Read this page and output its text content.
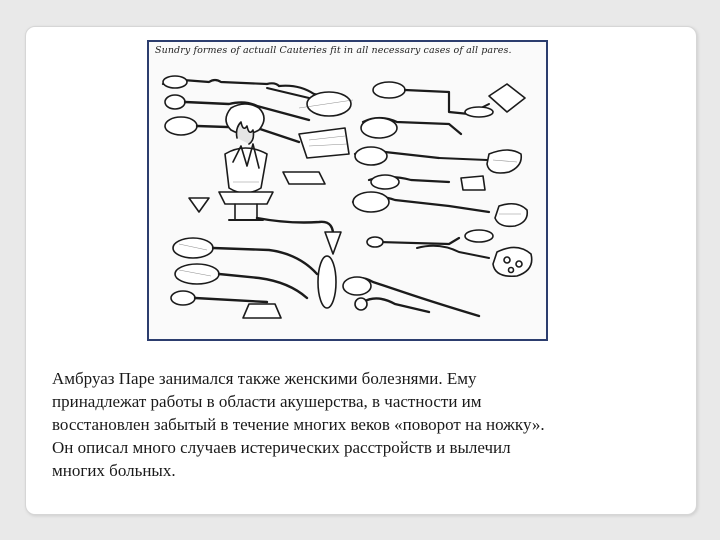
Sundry formes of actuall Cauteries fit in all necessary cases of all pares.
Амбруаз Паре занимался также женскими болезнями. Ему
принадлежат работы в области акушерства, в частности им
восстановлен забытый в течение многих веков «поворот на ножку».
Он описал много случаев истерических расстройств и вылечил
многих больных.
